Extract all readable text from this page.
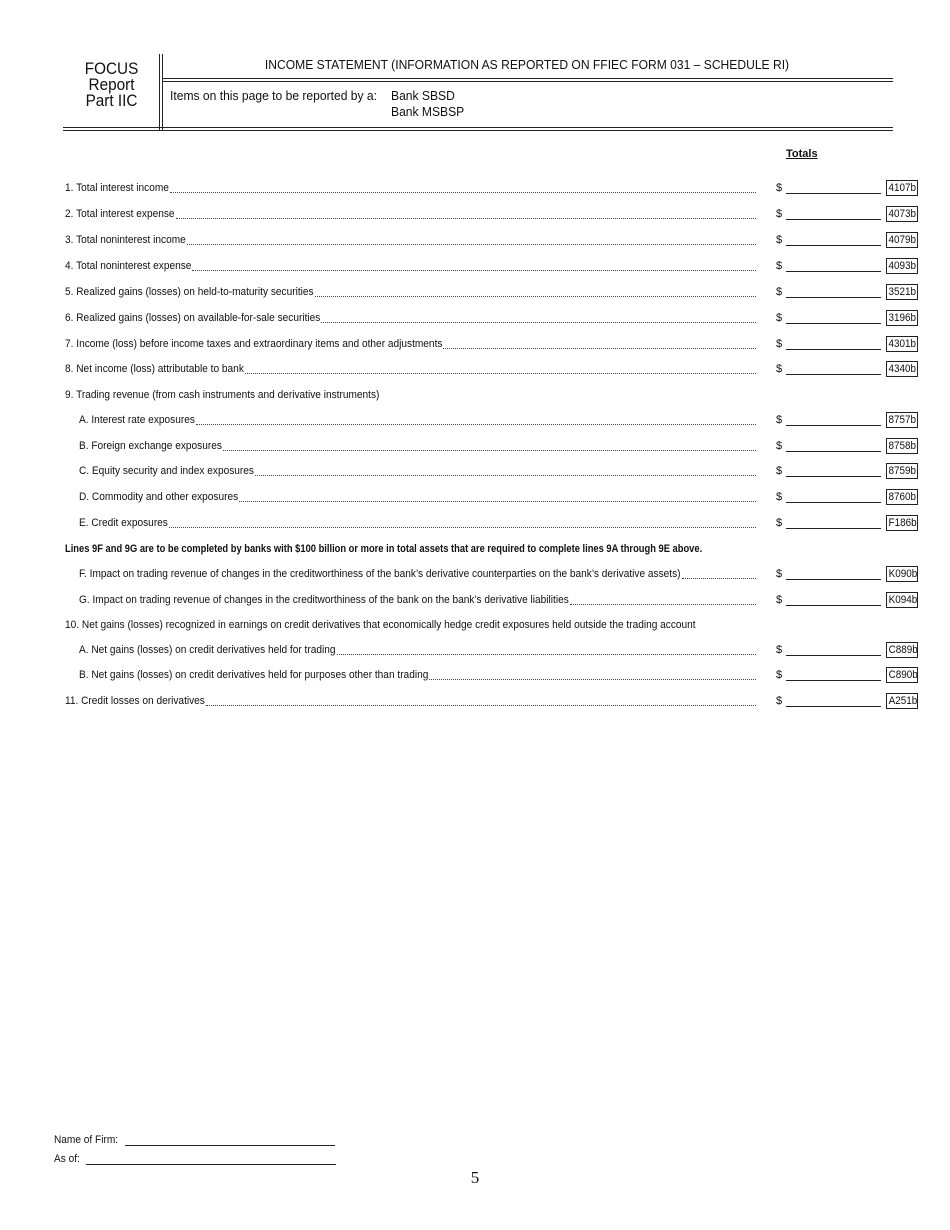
FOCUS
Report
Part IIC
INCOME STATEMENT (INFORMATION AS REPORTED ON FFIEC FORM 031 – SCHEDULE RI)
Items on this page to be reported by a: Bank SBSD
Bank MSBSP
Totals
1. Total interest income	$	4107b
2. Total interest expense	$	4073b
3. Total noninterest income	$	4079b
4. Total noninterest expense	$	4093b
5. Realized gains (losses) on held-to-maturity securities	$	3521b
6. Realized gains (losses) on available-for-sale securities	$	3196b
7. Income (loss) before income taxes and extraordinary items and other adjustments	$	4301b
8. Net income (loss) attributable to bank	$	4340b
9. Trading revenue (from cash instruments and derivative instruments)
A. Interest rate exposures	$	8757b
B. Foreign exchange exposures	$	8758b
C. Equity security and index exposures	$	8759b
D. Commodity and other exposures	$	8760b
E. Credit exposures	$	F186b
Lines 9F and 9G are to be completed by banks with $100 billion or more in total assets that are required to complete lines 9A through 9E above.
F. Impact on trading revenue of changes in the creditworthiness of the bank’s derivative counterparties on the bank’s derivative assets)	$	K090b
G. Impact on trading revenue of changes in the creditworthiness of the bank on the bank’s derivative liabilities	$	K094b
10. Net gains (losses) recognized in earnings on credit derivatives that economically hedge credit exposures held outside the trading account
A. Net gains (losses) on credit derivatives held for trading	$	C889b
B. Net gains (losses) on credit derivatives held for purposes other than trading	$	C890b
11. Credit losses on derivatives	$	A251b
Name of Firm:
As of:
5
